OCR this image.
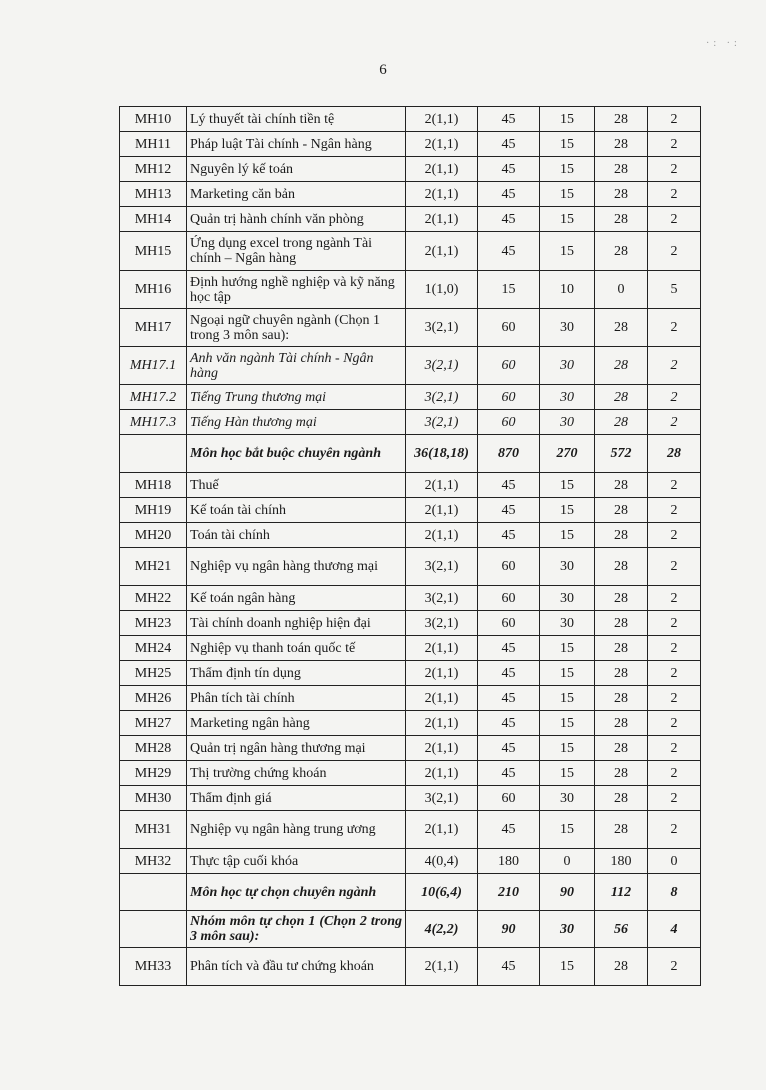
6
·: ·:
MH10	Lý thuyết tài chính tiền tệ	2(1,1)	45	15	28	2
MH11	Pháp luật Tài chính - Ngân hàng	2(1,1)	45	15	28	2
MH12	Nguyên lý kế toán	2(1,1)	45	15	28	2
MH13	Marketing căn bản	2(1,1)	45	15	28	2
MH14	Quản trị hành chính văn phòng	2(1,1)	45	15	28	2
MH15	Ứng dụng excel trong ngành Tài chính – Ngân hàng	2(1,1)	45	15	28	2
MH16	Định hướng nghề nghiệp và kỹ năng học tập	1(1,0)	15	10	0	5
MH17	Ngoại ngữ chuyên ngành (Chọn 1 trong 3 môn sau):	3(2,1)	60	30	28	2
MH17.1	Anh văn ngành Tài chính - Ngân hàng	3(2,1)	60	30	28	2
MH17.2	Tiếng Trung thương mại	3(2,1)	60	30	28	2
MH17.3	Tiếng Hàn thương mại	3(2,1)	60	30	28	2
	Môn học bắt buộc chuyên ngành	36(18,18)	870	270	572	28
MH18	Thuế	2(1,1)	45	15	28	2
MH19	Kế toán tài chính	2(1,1)	45	15	28	2
MH20	Toán tài chính	2(1,1)	45	15	28	2
MH21	Nghiệp vụ ngân hàng thương mại	3(2,1)	60	30	28	2
MH22	Kế toán ngân hàng	3(2,1)	60	30	28	2
MH23	Tài chính doanh nghiệp hiện đại	3(2,1)	60	30	28	2
MH24	Nghiệp vụ thanh toán quốc tế	2(1,1)	45	15	28	2
MH25	Thẩm định tín dụng	2(1,1)	45	15	28	2
MH26	Phân tích tài chính	2(1,1)	45	15	28	2
MH27	Marketing ngân hàng	2(1,1)	45	15	28	2
MH28	Quản trị ngân hàng thương mại	2(1,1)	45	15	28	2
MH29	Thị trường chứng khoán	2(1,1)	45	15	28	2
MH30	Thẩm định giá	3(2,1)	60	30	28	2
MH31	Nghiệp vụ ngân hàng trung ương	2(1,1)	45	15	28	2
MH32	Thực tập cuối khóa	4(0,4)	180	0	180	0
	Môn học tự chọn chuyên ngành	10(6,4)	210	90	112	8
	Nhóm môn tự chọn 1 (Chọn 2 trong 3 môn sau):	4(2,2)	90	30	56	4
MH33	Phân tích và đầu tư chứng khoán	2(1,1)	45	15	28	2
